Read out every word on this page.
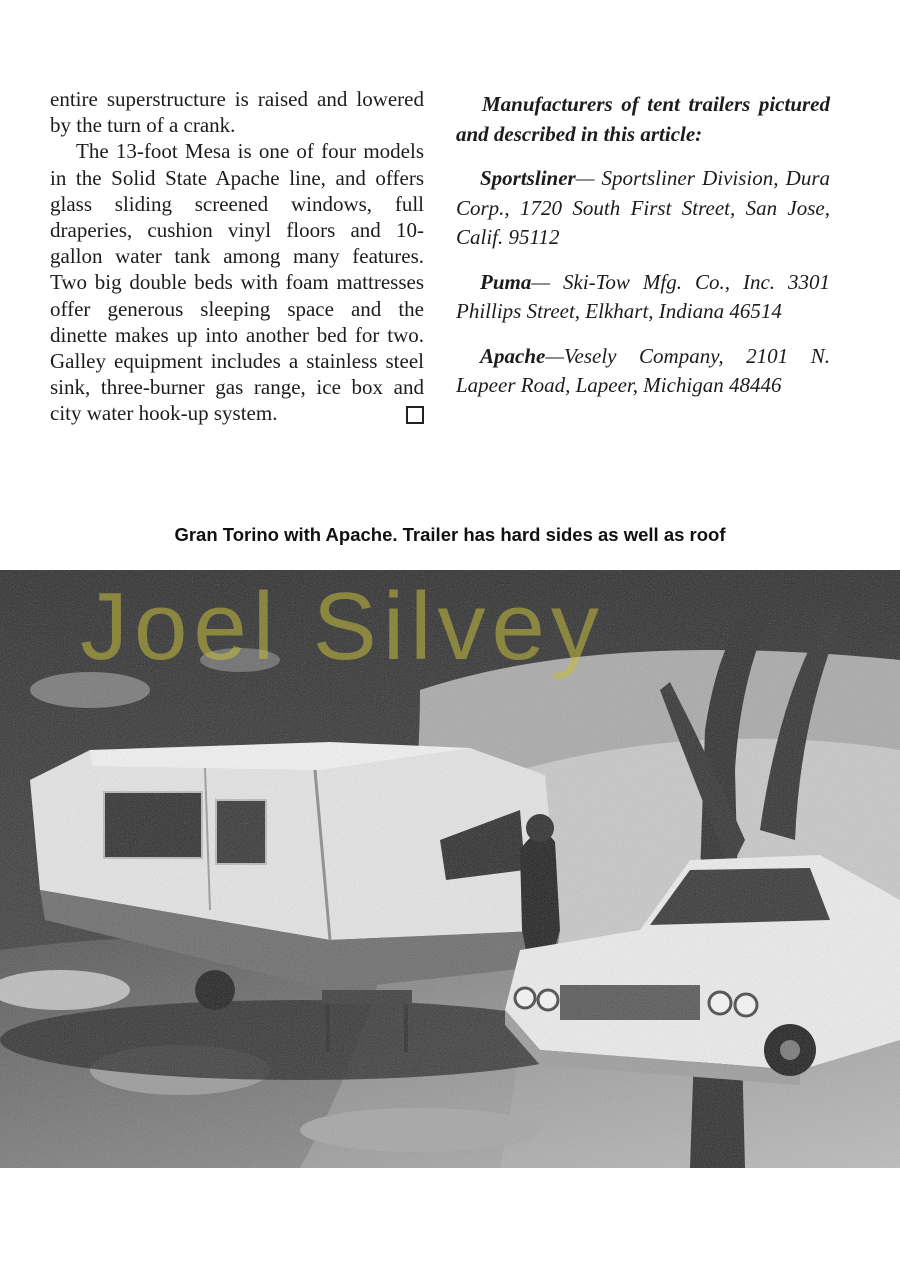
entire superstructure is raised and lowered by the turn of a crank.

The 13-foot Mesa is one of four models in the Solid State Apache line, and offers glass sliding screened windows, full draperies, cushion vinyl floors and 10-gallon water tank among many features. Two big double beds with foam mattresses offer generous sleeping space and the dinette makes up into another bed for two. Galley equipment includes a stainless steel sink, three-burner gas range, ice box and city water hook-up system.

Manufacturers of tent trailers pictured and described in this article:

Sportsliner— Sportsliner Division, Dura Corp., 1720 South First Street, San Jose, Calif. 95112

Puma— Ski-Tow Mfg. Co., Inc. 3301 Phillips Street, Elkhart, Indiana 46514

Apache—Vesely Company, 2101 N. Lapeer Road, Lapeer, Michigan 48446

Gran Torino with Apache. Trailer has hard sides as well as roof
Joel Silvey
